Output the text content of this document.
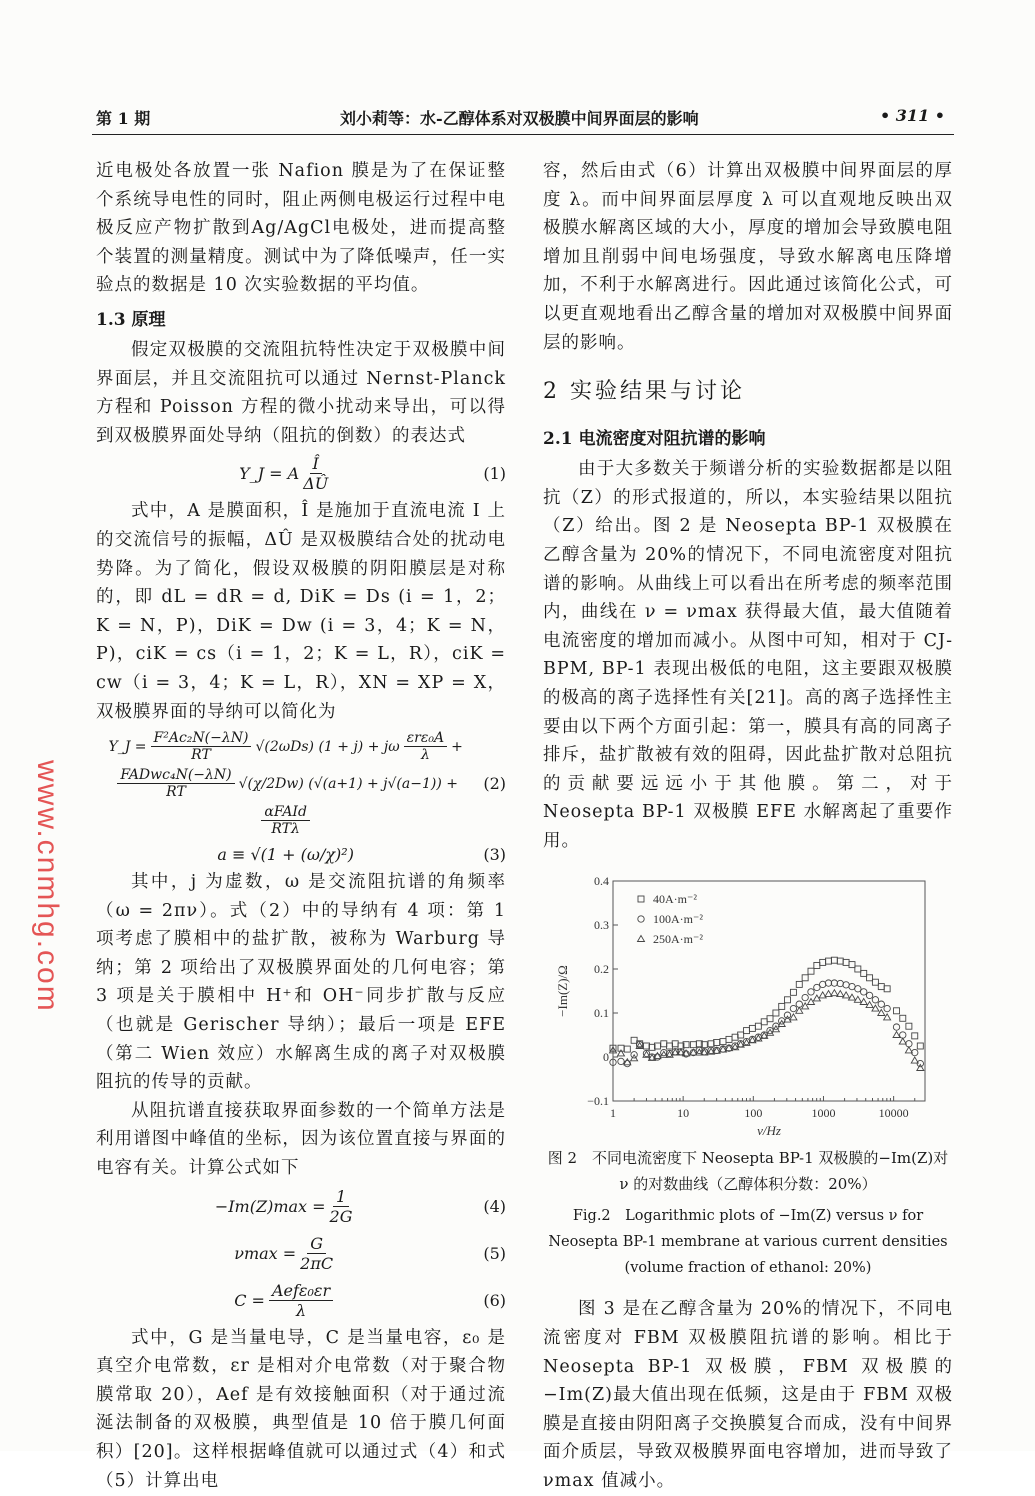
第 1 期	刘小莉等：水-乙醇体系对双极膜中间界面层的影响	• 311 •

近电极处各放置一张 Nafion 膜是为了在保证整个系统导电性的同时，阻止两侧电极运行过程中电极反应产物扩散到Ag/AgCl电极处，进而提高整个装置的测量精度。测试中为了降低噪声，任一实验点的数据是 10 次实验数据的平均值。

1.3 原理

假定双极膜的交流阻抗特性决定于双极膜中间界面层，并且交流阻抗可以通过 Nernst-Planck 方程和 Poisson 方程的微小扰动来导出，可以得到双极膜界面处导纳（阻抗的倒数）的表达式

Y_J = A $\frac{Î}{\Delta Û}$	(1)

式中，A 是膜面积，Î 是施加于直流电流 I 上的交流信号的振幅，ΔÛ 是双极膜结合处的扰动电势降。为了简化，假设双极膜的阴阳膜层是对称的，即 dL = dR = d, DiK = Ds (i = 1，2；K = N，P)，DiK = Dw (i = 3，4；K = N，P)，ciK = cs（i = 1，2；K = L，R），ciK = cw（i = 3，4；K = L，R），XN = XP = X，双极膜界面的导纳可以简化为

Y_J = $\frac{\text{F²Ac₂N(−λN)}}{RT} √(2\omega Ds) (1 + j) + j\omega \frac{\text{εrε₀A}}{\lambda}$ +
$\frac{\text{FADwc₄N(−λN)}}{RT} √(\chi/2Dw) (√(a+1) + j√(a-1))$ +
$\frac{\text{αFAId}}{\text{RTλ}}$
(2)
a ≡ √(1 + (ω/χ)²)	(3)

其中，j 为虚数，ω 是交流阻抗谱的角频率（ω = 2πν）。式（2）中的导纳有 4 项：第 1 项考虑了膜相中的盐扩散，被称为 Warburg 导纳；第 2 项给出了双极膜界面处的几何电容；第 3 项是关于膜相中 H⁺和 OH⁻同步扩散与反应（也就是 Gerischer 导纳）；最后一项是 EFE（第二 Wien 效应）水解离生成的离子对双极膜阻抗的传导的贡献。

从阻抗谱直接获取界面参数的一个简单方法是利用谱图中峰值的坐标，因为该位置直接与界面的电容有关。计算公式如下

$-Im(Z)\max = \frac{1}{2G}$	(4)
$\nu\max = \frac{G}{2\pi C}$	(5)
$C = \frac{\text{Aefε₀εr}}{\lambda}$	(6)

式中，G 是当量电导，C 是当量电容，ε₀ 是真空介电常数，εr 是相对介电常数（对于聚合物膜常取 20），Aef 是有效接触面积（对于通过流涎法制备的双极膜，典型值是 10 倍于膜几何面积）[20]。这样根据峰值就可以通过式（4）和式（5）计算出电

容，然后由式（6）计算出双极膜中间界面层的厚度 λ。而中间界面层厚度 λ 可以直观地反映出双极膜水解离区域的大小，厚度的增加会导致膜电阻增加且削弱中间电场强度，导致水解离电压降增加，不利于水解离进行。因此通过该简化公式，可以更直观地看出乙醇含量的增加对双极膜中间界面层的影响。

2 实验结果与讨论
2.1 电流密度对阻抗谱的影响

由于大多数关于频谱分析的实验数据都是以阻抗（Z）的形式报道的，所以，本实验结果以阻抗（Z）给出。图 2 是 Neosepta BP-1 双极膜在乙醇含量为 20%的情况下，不同电流密度对阻抗谱的影响。从曲线上可以看出在所考虑的频率范围内，曲线在 ν = νmax 获得最大值，最大值随着电流密度的增加而减小。从图中可知，相对于 CJ-BPM, BP-1 表现出极低的电阻，这主要跟双极膜的极高的离子选择性有关[21]。高的离子选择性主要由以下两个方面引起：第一，膜具有高的同离子排斥，盐扩散被有效的阻碍，因此盐扩散对总阻抗的贡献要远远小于其他膜。第二，对于 Neosepta BP-1 双极膜 EFE 水解离起了重要作用。

1	10	100	1000	10000
−0.1
0
0.1
0.2
0.3
0.4
ν/Hz
−Im(Z)/Ω
40A·m⁻²
100A·m⁻²
250A·m⁻²
图 2　不同电流密度下 Neosepta BP-1 双极膜的−Im(Z)对 ν 的对数曲线（乙醇体积分数：20%）
Fig.2　Logarithmic plots of −Im(Z) versus ν for Neosepta BP-1 membrane at various current densities (volume fraction of ethanol: 20%)

图 3 是在乙醇含量为 20%的情况下，不同电流密度对 FBM 双极膜阻抗谱的影响。相比于 Neosepta BP-1 双极膜，FBM 双极膜的−Im(Z)最大值出现在低频，这是由于 FBM 双极膜是直接由阴阳离子交换膜复合而成，没有中间界面介质层，导致双极膜界面电容增加，进而导致了 νmax 值减小。

www.cnmhg.com
